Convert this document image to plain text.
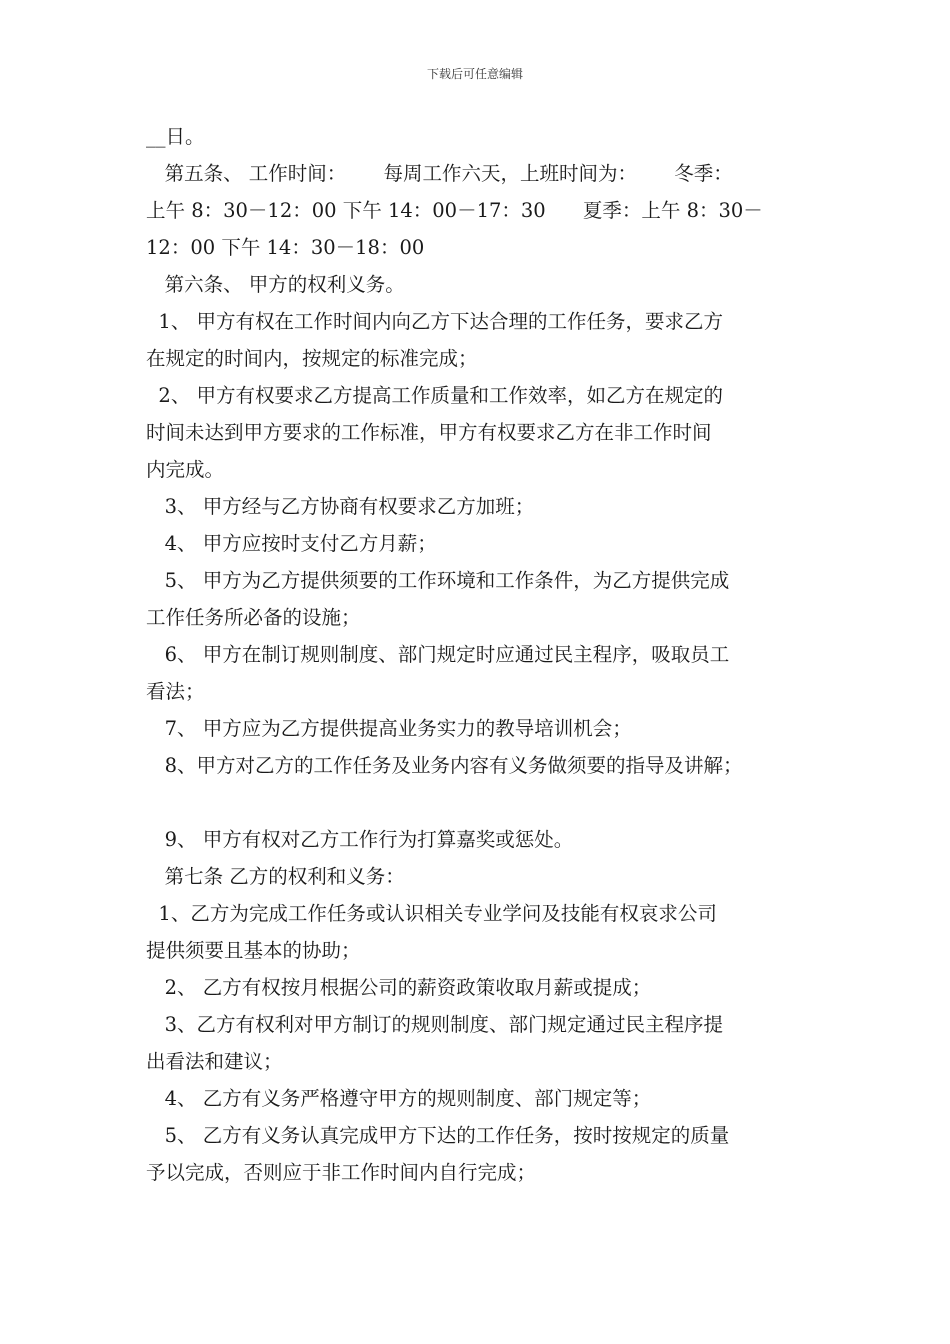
下载后可任意编辑

__日。

第五条、 工作时间：      每周工作六天，上班时间为：      冬季：

上午 8：30－12：00 下午 14：00－17：30      夏季：上午 8：30－

12：00 下午 14：30－18：00

第六条、 甲方的权利义务。

1、 甲方有权在工作时间内向乙方下达合理的工作任务，要求乙方

在规定的时间内，按规定的标准完成；

2、 甲方有权要求乙方提高工作质量和工作效率，如乙方在规定的

时间未达到甲方要求的工作标准，甲方有权要求乙方在非工作时间

内完成。

3、 甲方经与乙方协商有权要求乙方加班；

4、 甲方应按时支付乙方月薪；

5、 甲方为乙方提供须要的工作环境和工作条件，为乙方提供完成

工作任务所必备的设施；

6、 甲方在制订规则制度、部门规定时应通过民主程序，吸取员工

看法；

7、 甲方应为乙方提供提高业务实力的教导培训机会；

8、甲方对乙方的工作任务及业务内容有义务做须要的指导及讲解；

9、 甲方有权对乙方工作行为打算嘉奖或惩处。

第七条 乙方的权利和义务：

1、乙方为完成工作任务或认识相关专业学问及技能有权哀求公司

提供须要且基本的协助；

2、 乙方有权按月根据公司的薪资政策收取月薪或提成；

3、乙方有权利对甲方制订的规则制度、部门规定通过民主程序提

出看法和建议；

4、 乙方有义务严格遵守甲方的规则制度、部门规定等；

5、 乙方有义务认真完成甲方下达的工作任务，按时按规定的质量

予以完成，否则应于非工作时间内自行完成；
